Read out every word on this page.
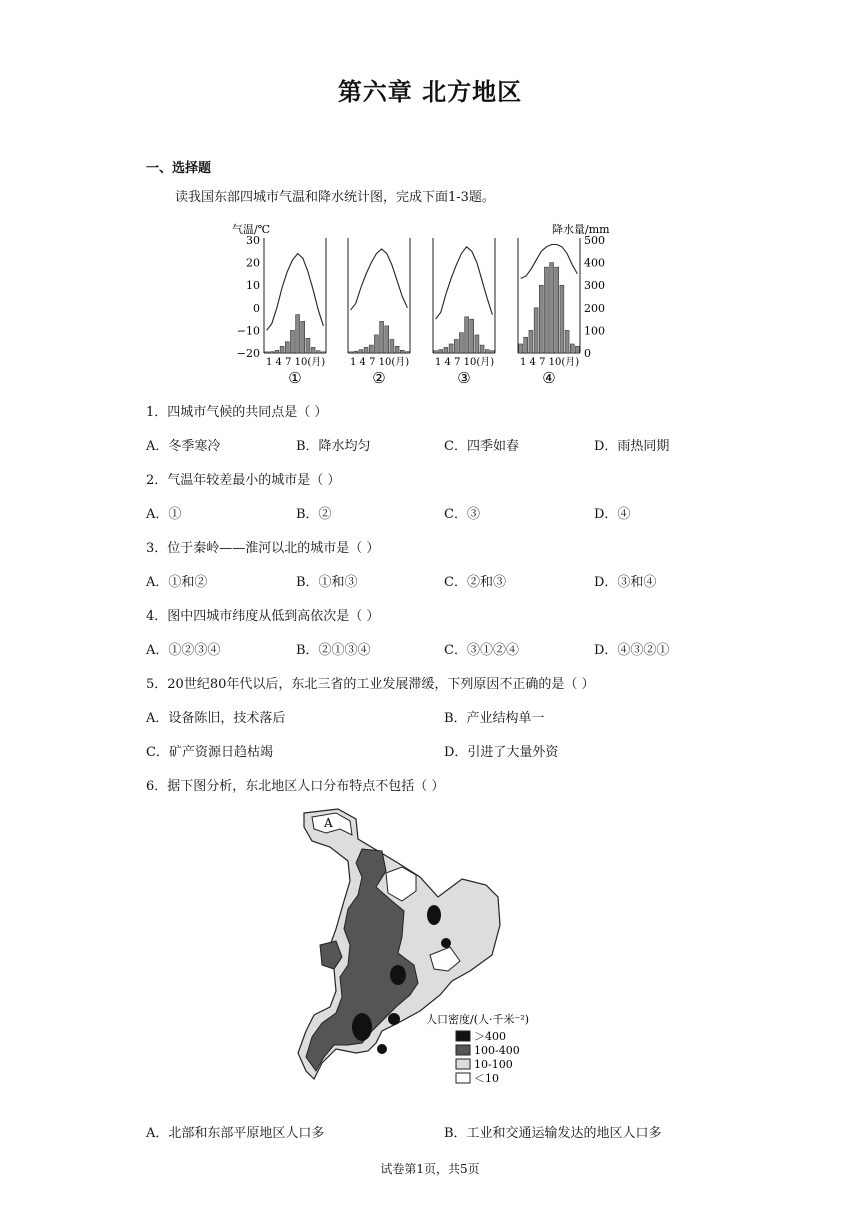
第六章 北方地区
一、选择题
读我国东部四城市气温和降水统计图，完成下面1-3题。
气温/℃	降水量/mm
30
20
10
0
−10
−20
500
400
300
200
100
0
1 4 7 10(月)
①
1 4 7 10(月)
②
1 4 7 10(月)
③
1 4 7 10(月)
④
1．四城市气候的共同点是（ ）
A．冬季寒冷	B．降水均匀	C．四季如春	D．雨热同期
2．气温年较差最小的城市是（ ）
A．①	B．②	C．③	D．④
3．位于秦岭——淮河以北的城市是（ ）
A．①和②	B．①和③	C．②和③	D．③和④
4．图中四城市纬度从低到高依次是（ ）
A．①②③④	B．②①③④	C．③①②④	D．④③②①
5．20世纪80年代以后，东北三省的工业发展滞缓，下列原因不正确的是（ ）
A．设备陈旧，技术落后	B．产业结构单一
C．矿产资源日趋枯竭	D．引进了大量外资
6．据下图分析，东北地区人口分布特点不包括（ ）
A
人口密度/(人·千米⁻²)
＞400
100-400
10-100
＜10
A．北部和东部平原地区人口多	B．工业和交通运输发达的地区人口多
试卷第1页，共5页
